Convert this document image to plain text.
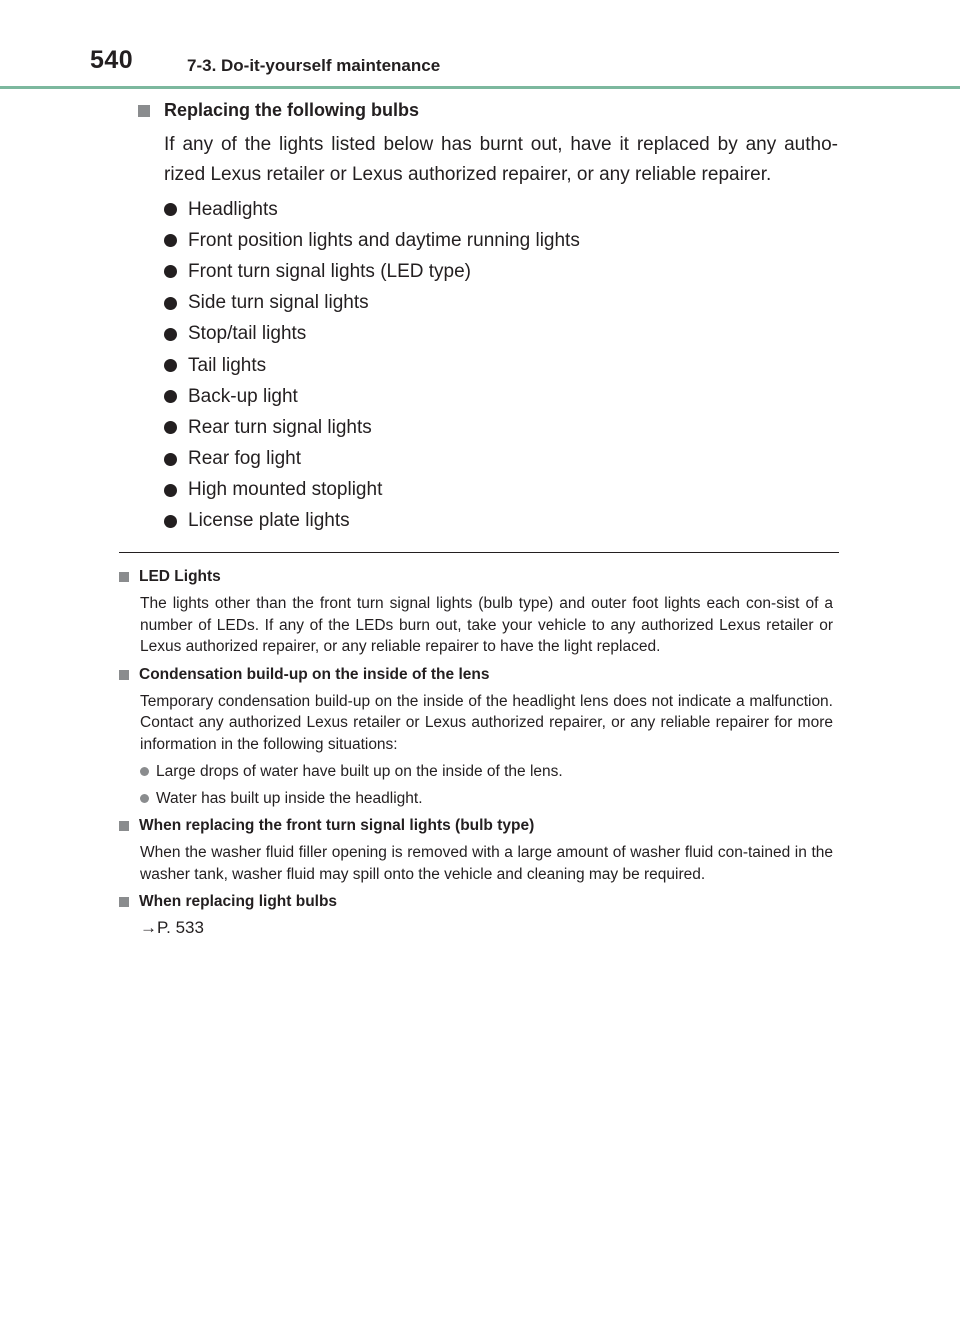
540	7-3. Do-it-yourself maintenance
Replacing the following bulbs
If any of the lights listed below has burnt out, have it replaced by any autho-rized Lexus retailer or Lexus authorized repairer, or any reliable repairer.
Headlights
Front position lights and daytime running lights
Front turn signal lights (LED type)
Side turn signal lights
Stop/tail lights
Tail lights
Back-up light
Rear turn signal lights
Rear fog light
High mounted stoplight
License plate lights
LED Lights
The lights other than the front turn signal lights (bulb type) and outer foot lights each con-sist of a number of LEDs. If any of the LEDs burn out, take your vehicle to any authorized Lexus retailer or Lexus authorized repairer, or any reliable repairer to have the light replaced.
Condensation build-up on the inside of the lens
Temporary condensation build-up on the inside of the headlight lens does not indicate a malfunction. Contact any authorized Lexus retailer or Lexus authorized repairer, or any reliable repairer for more information in the following situations:
Large drops of water have built up on the inside of the lens.
Water has built up inside the headlight.
When replacing the front turn signal lights (bulb type)
When the washer fluid filler opening is removed with a large amount of washer fluid con-tained in the washer tank, washer fluid may spill onto the vehicle and cleaning may be required.
When replacing light bulbs
→P. 533
